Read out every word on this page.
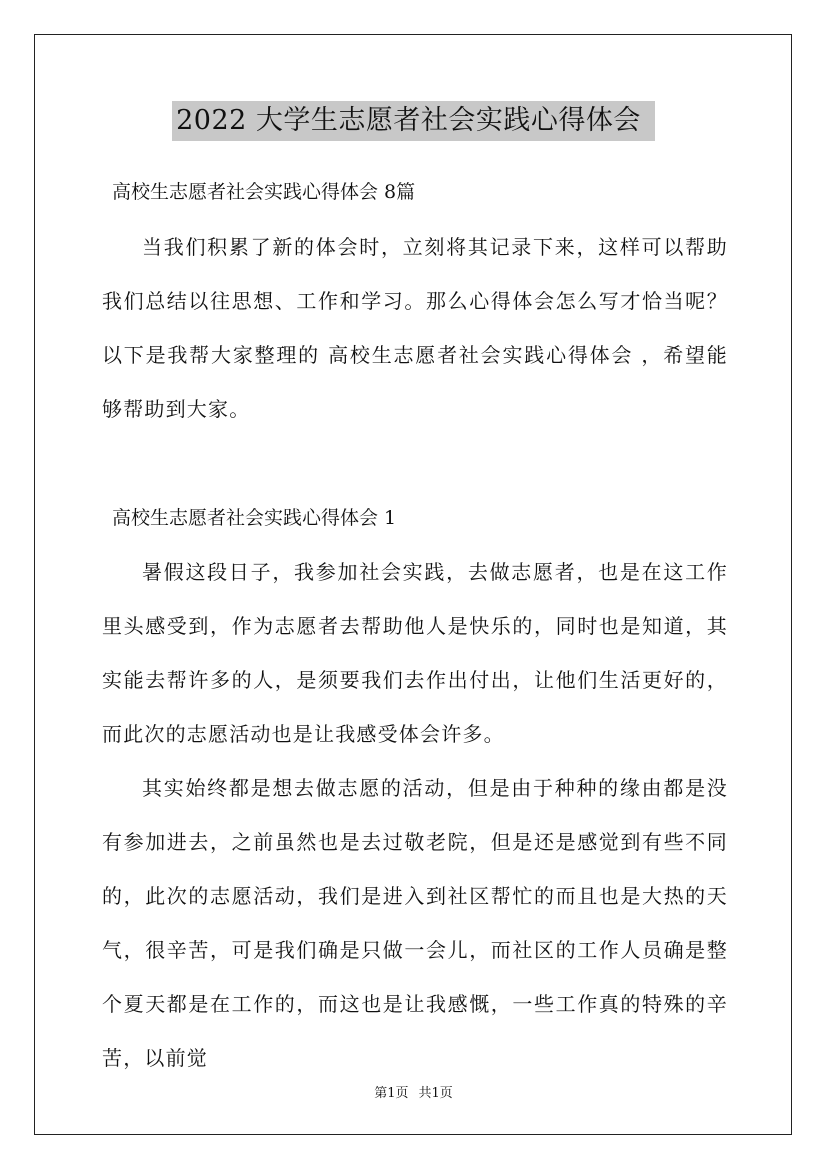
2022 大学生志愿者社会实践心得体会
高校生志愿者社会实践心得体会 8篇

当我们积累了新的体会时，立刻将其记录下来，这样可以帮助我们总结以往思想、工作和学习。那么心得体会怎么写才恰当呢？以下是我帮大家整理的 高校生志愿者社会实践心得体会 ，希望能够帮助到大家。

高校生志愿者社会实践心得体会 1

暑假这段日子，我参加社会实践，去做志愿者，也是在这工作里头感受到，作为志愿者去帮助他人是快乐的，同时也是知道，其实能去帮许多的人，是须要我们去作出付出，让他们生活更好的，而此次的志愿活动也是让我感受体会许多。

其实始终都是想去做志愿的活动，但是由于种种的缘由都是没有参加进去，之前虽然也是去过敬老院，但是还是感觉到有些不同的，此次的志愿活动，我们是进入到社区帮忙的而且也是大热的天气，很辛苦，可是我们确是只做一会儿，而社区的工作人员确是整个夏天都是在工作的，而这也是让我感慨，一些工作真的特殊的辛苦，以前觉

第1页 共1页
